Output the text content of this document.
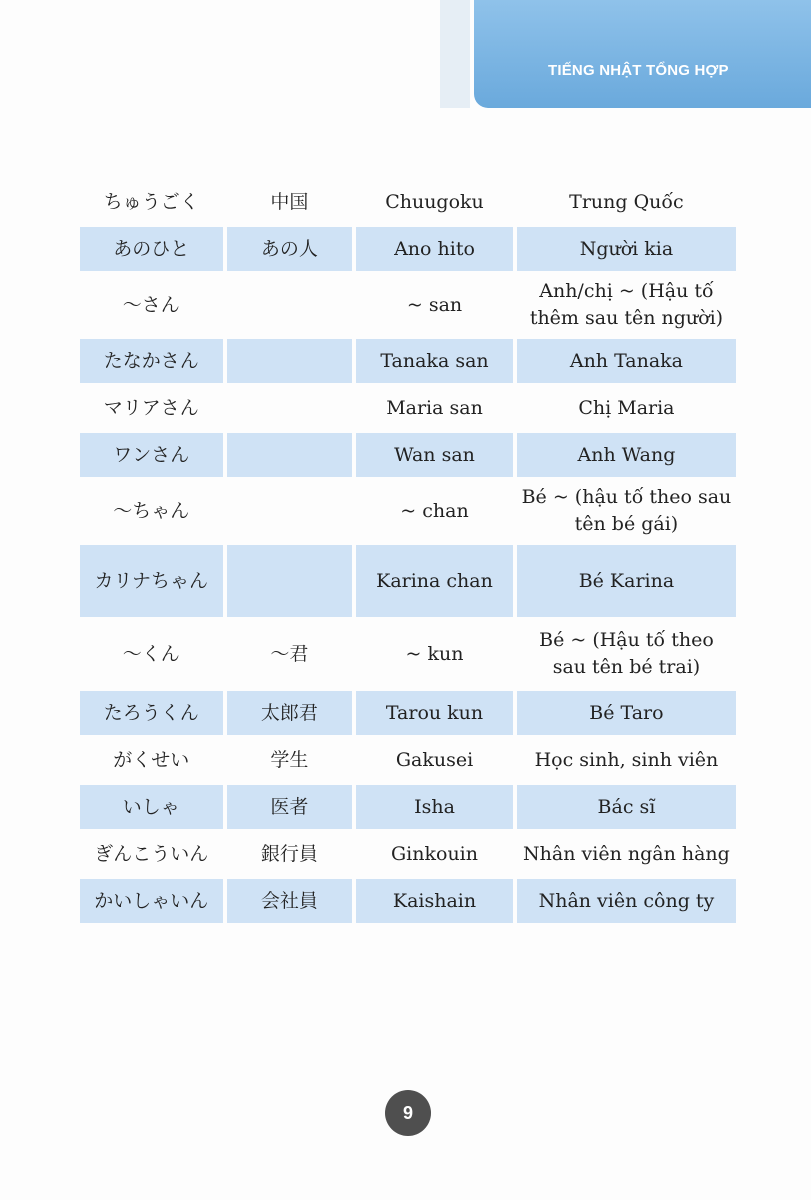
TIẾNG NHẬT TỔNG HỢP
ちゅうごく	中国	Chuugoku	Trung Quốc
あのひと	あの人	Ano hito	Người kia
～さん		~ san	Anh/chị ~ (Hậu tố thêm sau tên người)
たなかさん		Tanaka san	Anh Tanaka
マリアさん		Maria san	Chị Maria
ワンさん		Wan san	Anh Wang
～ちゃん		~ chan	Bé ~ (hậu tố theo sau tên bé gái)
カリナちゃん		Karina chan	Bé Karina
～くん	～君	~ kun	Bé ~ (Hậu tố theo sau tên bé trai)
たろうくん	太郎君	Tarou kun	Bé Taro
がくせい	学生	Gakusei	Học sinh, sinh viên
いしゃ	医者	Isha	Bác sĩ
ぎんこういん	銀行員	Ginkouin	Nhân viên ngân hàng
かいしゃいん	会社員	Kaishain	Nhân viên công ty
9
